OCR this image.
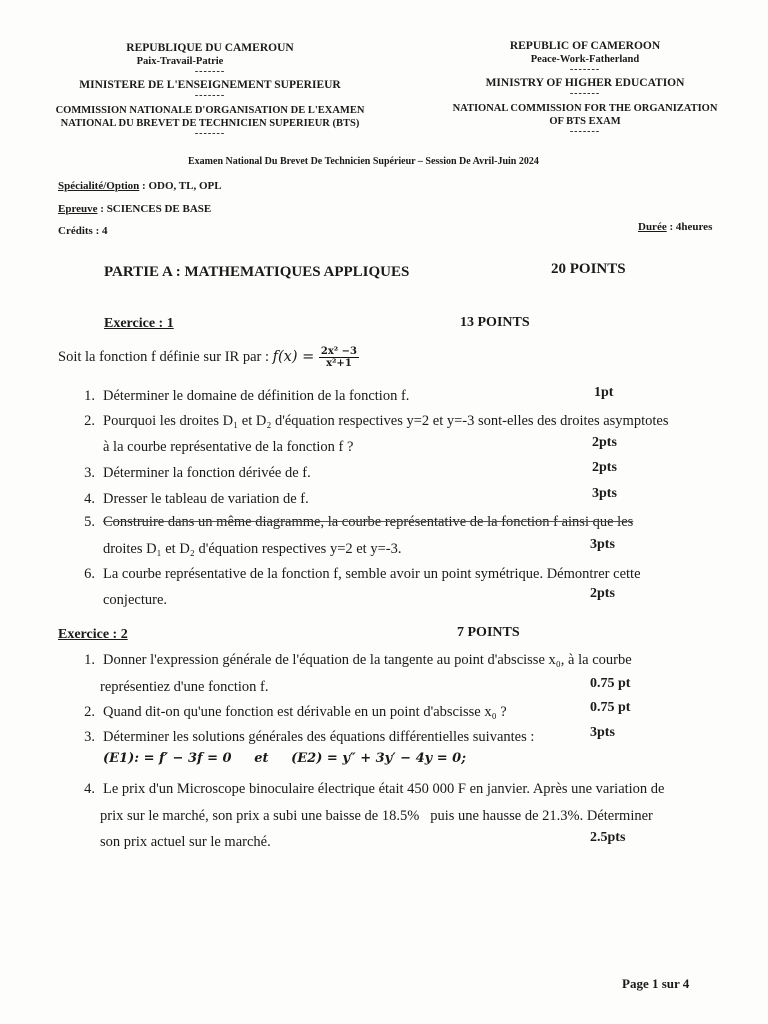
REPUBLIQUE DU CAMEROUN
Paix-Travail-Patrie
-------
MINISTERE DE L'ENSEIGNEMENT SUPERIEUR
-------
COMMISSION NATIONALE D'ORGANISATION DE L'EXAMEN
NATIONAL DU BREVET DE TECHNICIEN SUPERIEUR (BTS)
-------
REPUBLIC OF CAMEROON
Peace-Work-Fatherland
-------
MINISTRY OF HIGHER EDUCATION
-------
NATIONAL COMMISSION FOR THE ORGANIZATION
OF BTS EXAM
-------
Examen National Du Brevet De Technicien Supérieur – Session De Avril-Juin 2024
Spécialité/Option : ODO, TL, OPL
Epreuve : SCIENCES DE BASE
Crédits : 4	Durée : 4heures
PARTIE A : MATHEMATIQUES APPLIQUES	20 POINTS
Exercice : 1	13 POINTS
Soit la fonction f définie sur IR par : $f(x) = \frac{\text{2x² −3}}{\text{x²+1}}$
1. Déterminer le domaine de définition de la fonction f.	1pt
2. Pourquoi les droites D₁ et D₂ d'équation respectives y=2 et y=-3 sont-elles des droites asymptotes
à la courbe représentative de la fonction f ?	2pts
3. Déterminer la fonction dérivée de f.	2pts
4. Dresser le tableau de variation de f.	3pts
5. Construire dans un même diagramme, la courbe représentative de la fonction f ainsi que les
droites D₁ et D₂ d'équation respectives y=2 et y=-3.	3pts
6. La courbe représentative de la fonction f, semble avoir un point symétrique. Démontrer cette
conjecture.	2pts
Exercice : 2	7 POINTS
1. Donner l'expression générale de l'équation de la tangente au point d'abscisse x₀, à la courbe
représentiez d'une fonction f.	0.75 pt
2. Quand dit-on qu'une fonction est dérivable en un point d'abscisse x₀ ?	0.75 pt
3. Déterminer les solutions générales des équations différentielles suivantes :	3pts
(E1): = f′ − 3f = 0     et     (E2) = y″ + 3y′ − 4y = 0;
4. Le prix d'un Microscope binoculaire électrique était 450 000 F en janvier. Après une variation de
prix sur le marché, son prix a subi une baisse de 18.5%   puis une hausse de 21.3%. Déterminer
son prix actuel sur le marché.	2.5pts
Page 1 sur 4
